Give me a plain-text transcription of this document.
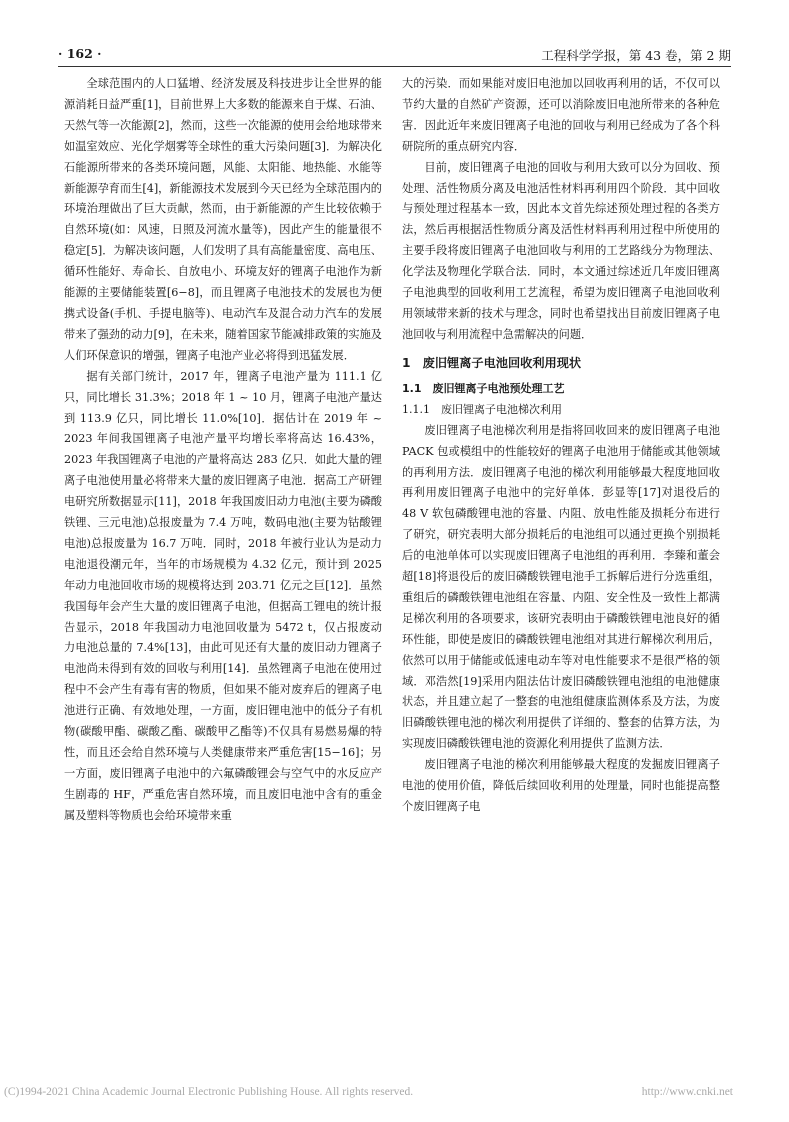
· 162 ·	工程科学学报，第 43 卷，第 2 期

全球范围内的人口猛增、经济发展及科技进步让全世界的能源消耗日益严重[1]，目前世界上大多数的能源来自于煤、石油、天然气等一次能源[2]，然而，这些一次能源的使用会给地球带来如温室效应、光化学烟雾等全球性的重大污染问题[3]．为解决化石能源所带来的各类环境问题，风能、太阳能、地热能、水能等新能源孕育而生[4]，新能源技术发展到今天已经为全球范围内的环境治理做出了巨大贡献，然而，由于新能源的产生比较依赖于自然环境(如：风速，日照及河流水量等)，因此产生的能量很不稳定[5]．为解决该问题，人们发明了具有高能量密度、高电压、循环性能好、寿命长、自放电小、环境友好的锂离子电池作为新能源的主要储能装置[6−8]，而且锂离子电池技术的发展也为便携式设备(手机、手提电脑等)、电动汽车及混合动力汽车的发展带来了强劲的动力[9]，在未来，随着国家节能减排政策的实施及人们环保意识的增强，锂离子电池产业必将得到迅猛发展．

据有关部门统计，2017 年，锂离子电池产量为 111.1 亿只，同比增长 31.3%；2018 年 1 ~ 10 月，锂离子电池产量达到 113.9 亿只，同比增长 11.0%[10]．据估计在 2019 年 ~ 2023 年间我国锂离子电池产量平均增长率将高达 16.43%，2023 年我国锂离子电池的产量将高达 283 亿只．如此大量的锂离子电池使用量必将带来大量的废旧锂离子电池．据高工产研锂电研究所数据显示[11]，2018 年我国废旧动力电池(主要为磷酸铁锂、三元电池)总报废量为 7.4 万吨，数码电池(主要为钴酸锂电池)总报废量为 16.7 万吨．同时，2018 年被行业认为是动力电池退役潮元年，当年的市场规模为 4.32 亿元，预计到 2025 年动力电池回收市场的规模将达到 203.71 亿元之巨[12]．虽然我国每年会产生大量的废旧锂离子电池，但据高工锂电的统计报告显示，2018 年我国动力电池回收量为 5472 t，仅占报废动力电池总量的 7.4%[13]，由此可见还有大量的废旧动力锂离子电池尚未得到有效的回收与利用[14]．虽然锂离子电池在使用过程中不会产生有毒有害的物质，但如果不能对废弃后的锂离子电池进行正确、有效地处理，一方面，废旧锂电池中的低分子有机物(碳酸甲酯、碳酸乙酯、碳酸甲乙酯等)不仅具有易燃易爆的特性，而且还会给自然环境与人类健康带来严重危害[15−16]；另一方面，废旧锂离子电池中的六氟磷酸锂会与空气中的水反应产生剧毒的 HF，严重危害自然环境，而且废旧电池中含有的重金属及塑料等物质也会给环境带来重

大的污染．而如果能对废旧电池加以回收再利用的话，不仅可以节约大量的自然矿产资源，还可以消除废旧电池所带来的各种危害．因此近年来废旧锂离子电池的回收与利用已经成为了各个科研院所的重点研究内容．

目前，废旧锂离子电池的回收与利用大致可以分为回收、预处理、活性物质分离及电池活性材料再利用四个阶段．其中回收与预处理过程基本一致，因此本文首先综述预处理过程的各类方法，然后再根据活性物质分离及活性材料再利用过程中所使用的主要手段将废旧锂离子电池回收与利用的工艺路线分为物理法、化学法及物理化学联合法．同时，本文通过综述近几年废旧锂离子电池典型的回收利用工艺流程，希望为废旧锂离子电池回收利用领域带来新的技术与理念，同时也希望找出目前废旧锂离子电池回收与利用流程中急需解决的问题．

1　废旧锂离子电池回收利用现状
1.1　废旧锂离子电池预处理工艺
1.1.1　废旧锂离子电池梯次利用

废旧锂离子电池梯次利用是指将回收回来的废旧锂离子电池 PACK 包或模组中的性能较好的锂离子电池用于储能或其他领域的再利用方法．废旧锂离子电池的梯次利用能够最大程度地回收再利用废旧锂离子电池中的完好单体．彭显等[17]对退役后的 48 V 软包磷酸锂电池的容量、内阻、放电性能及损耗分布进行了研究，研究表明大部分损耗后的电池组可以通过更换个别损耗后的电池单体可以实现废旧锂离子电池组的再利用．李臻和董会超[18]将退役后的废旧磷酸铁锂电池手工拆解后进行分选重组，重组后的磷酸铁锂电池组在容量、内阻、安全性及一致性上都满足梯次利用的各项要求，该研究表明由于磷酸铁锂电池良好的循环性能，即使是废旧的磷酸铁锂电池组对其进行解梯次利用后，依然可以用于储能或低速电动车等对电性能要求不是很严格的领域．邓浩然[19]采用内阻法估计废旧磷酸铁锂电池组的电池健康状态，并且建立起了一整套的电池组健康监测体系及方法，为废旧磷酸铁锂电池的梯次利用提供了详细的、整套的估算方法，为实现废旧磷酸铁锂电池的资源化利用提供了监测方法．

废旧锂离子电池的梯次利用能够最大程度的发掘废旧锂离子电池的使用价值，降低后续回收利用的处理量，同时也能提高整个废旧锂离子电

(C)1994-2021 China Academic Journal Electronic Publishing House. All rights reserved.	http://www.cnki.net
